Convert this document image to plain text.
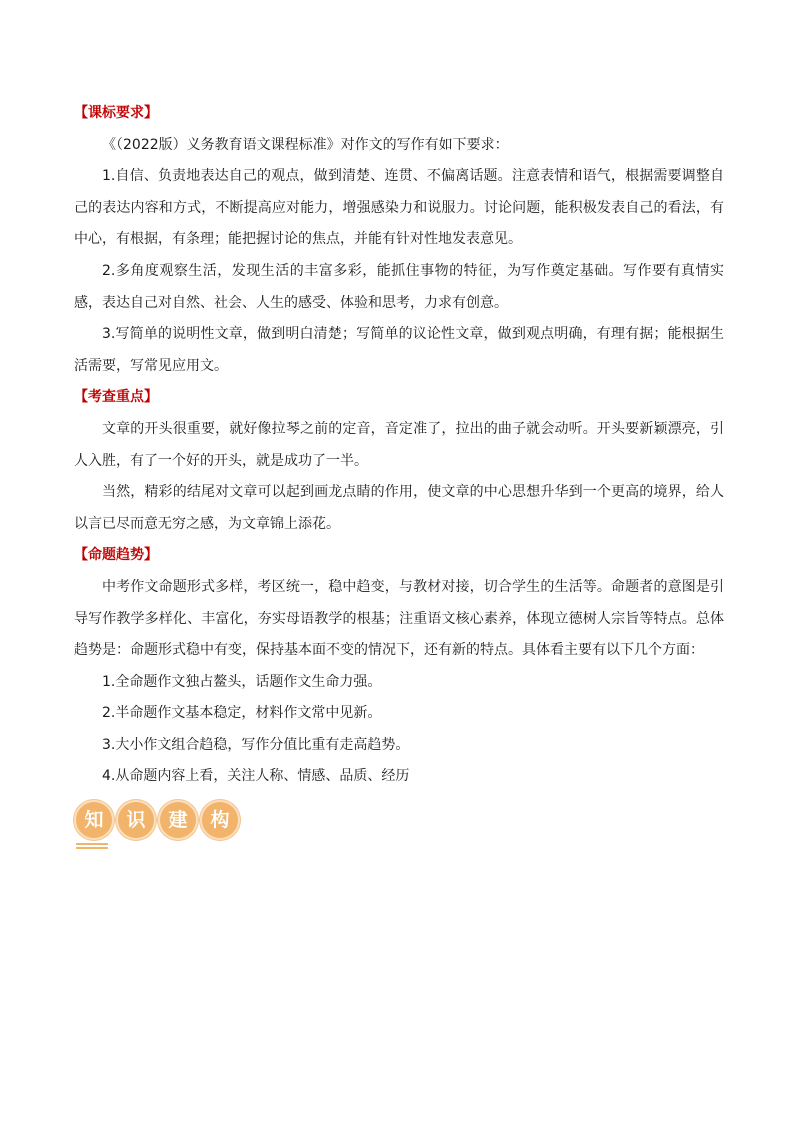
【课标要求】

《（2022版）义务教育语文课程标准》对作文的写作有如下要求：

1.自信、负责地表达自己的观点，做到清楚、连贯、不偏离话题。注意表情和语气，根据需要调整自己的表达内容和方式，不断提高应对能力，增强感染力和说服力。讨论问题，能积极发表自己的看法，有中心，有根据，有条理；能把握讨论的焦点，并能有针对性地发表意见。

2.多角度观察生活，发现生活的丰富多彩，能抓住事物的特征，为写作奠定基础。写作要有真情实感，表达自己对自然、社会、人生的感受、体验和思考，力求有创意。

3.写简单的说明性文章，做到明白清楚；写简单的议论性文章，做到观点明确，有理有据；能根据生活需要，写常见应用文。

【考查重点】

文章的开头很重要，就好像拉琴之前的定音，音定准了，拉出的曲子就会动听。开头要新颖漂亮，引人入胜，有了一个好的开头，就是成功了一半。

当然，精彩的结尾对文章可以起到画龙点睛的作用，使文章的中心思想升华到一个更高的境界，给人以言已尽而意无穷之感，为文章锦上添花。

【命题趋势】

中考作文命题形式多样，考区统一，稳中趋变，与教材对接，切合学生的生活等。命题者的意图是引导写作教学多样化、丰富化，夯实母语教学的根基；注重语文核心素养，体现立德树人宗旨等特点。总体趋势是：命题形式稳中有变，保持基本面不变的情况下，还有新的特点。具体看主要有以下几个方面：

1.全命题作文独占鳌头，话题作文生命力强。

2.半命题作文基本稳定，材料作文常中见新。

3.大小作文组合趋稳，写作分值比重有走高趋势。

4.从命题内容上看，关注人称、情感、品质、经历

知	识	建	构
